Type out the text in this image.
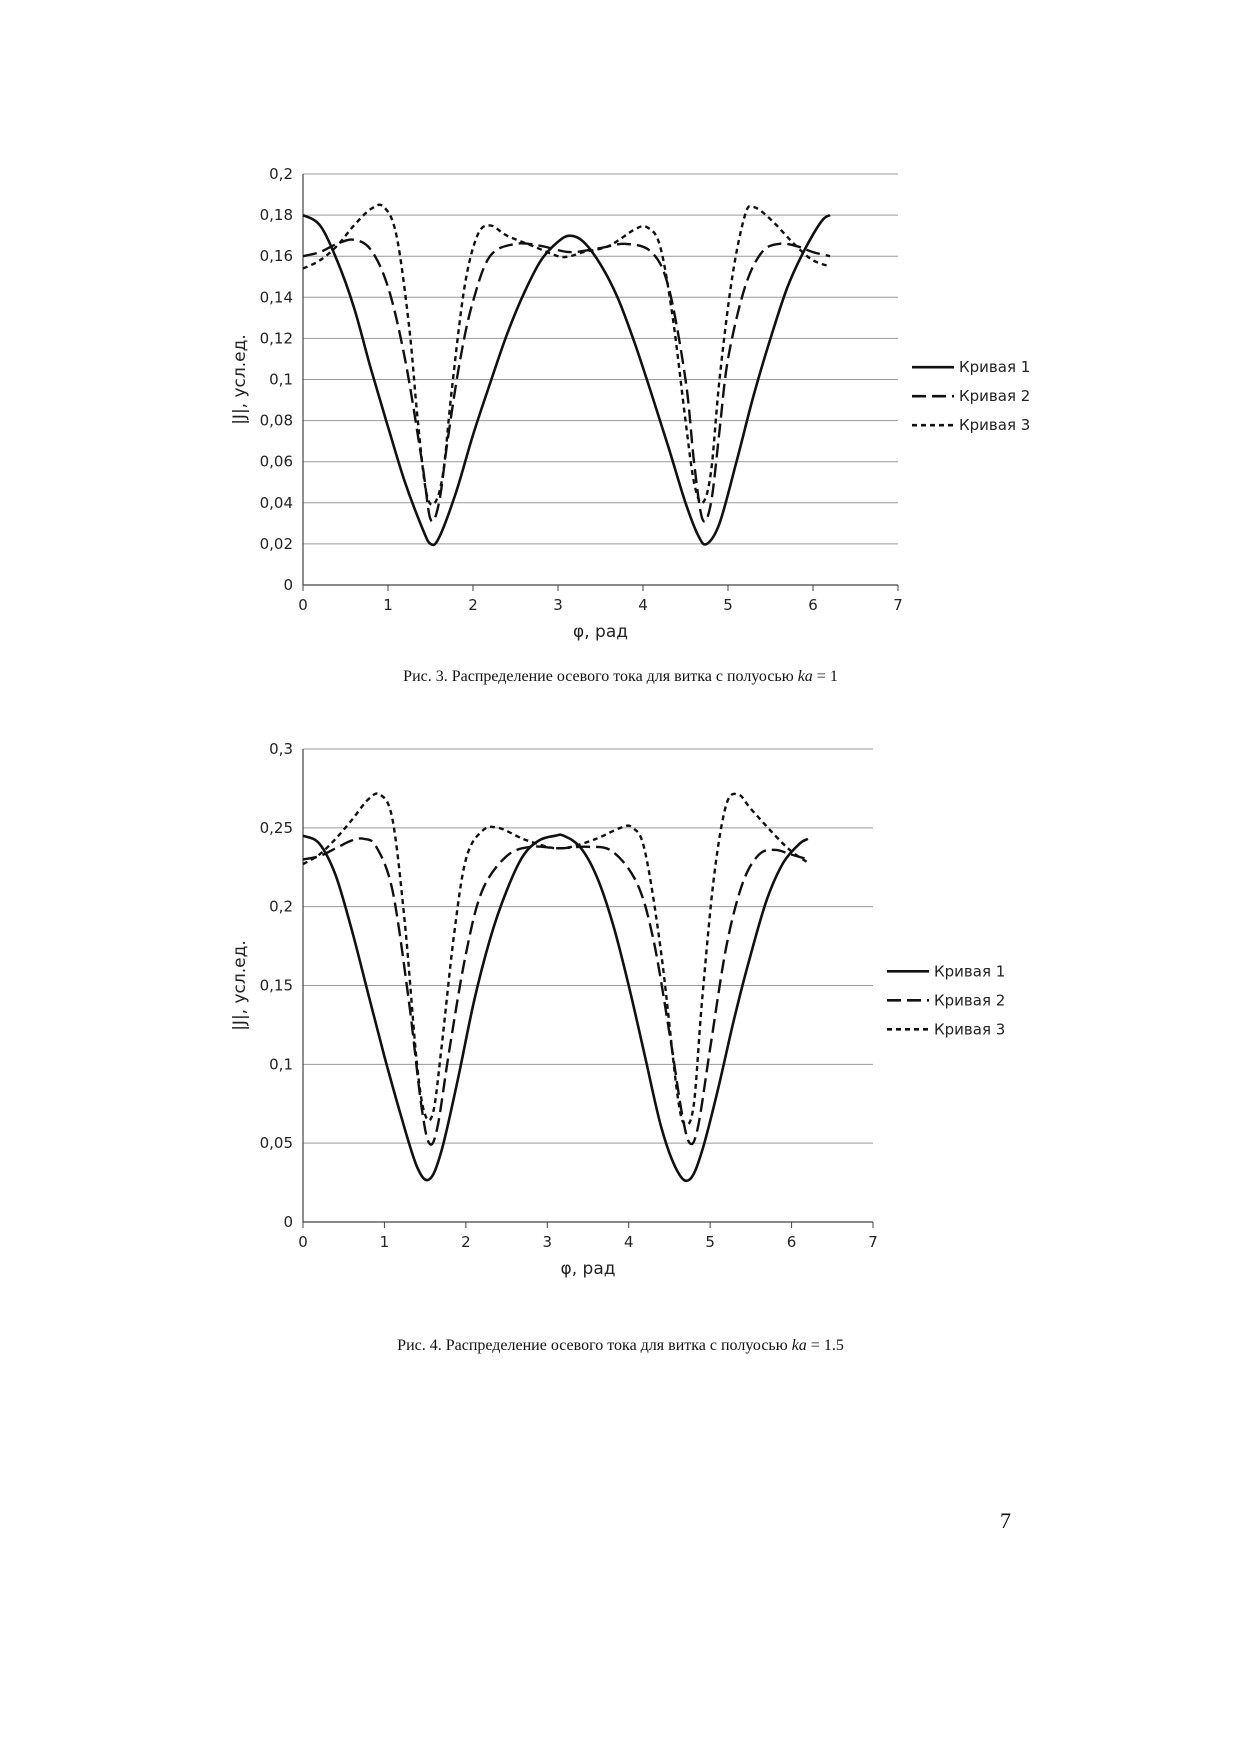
0
0,02
0,04
0,06
0,08
0,1
0,12
0,14
0,16
0,18
0,2
0	1	2	3	4	5	6	7
φ, рад
|J|, усл.ед.	Кривая 1
Кривая 2
Кривая 3
Рис. 3. Распределение осевого тока для витка с полуосью ka = 1
0
0,05
0,1
0,15
0,2
0,25
0,3
0	1	2	3	4	5	6	7
φ, рад
|J|, усл.ед.	Кривая 1
Кривая 2
Кривая 3
Рис. 4. Распределение осевого тока для витка с полуосью ka = 1.5
7
